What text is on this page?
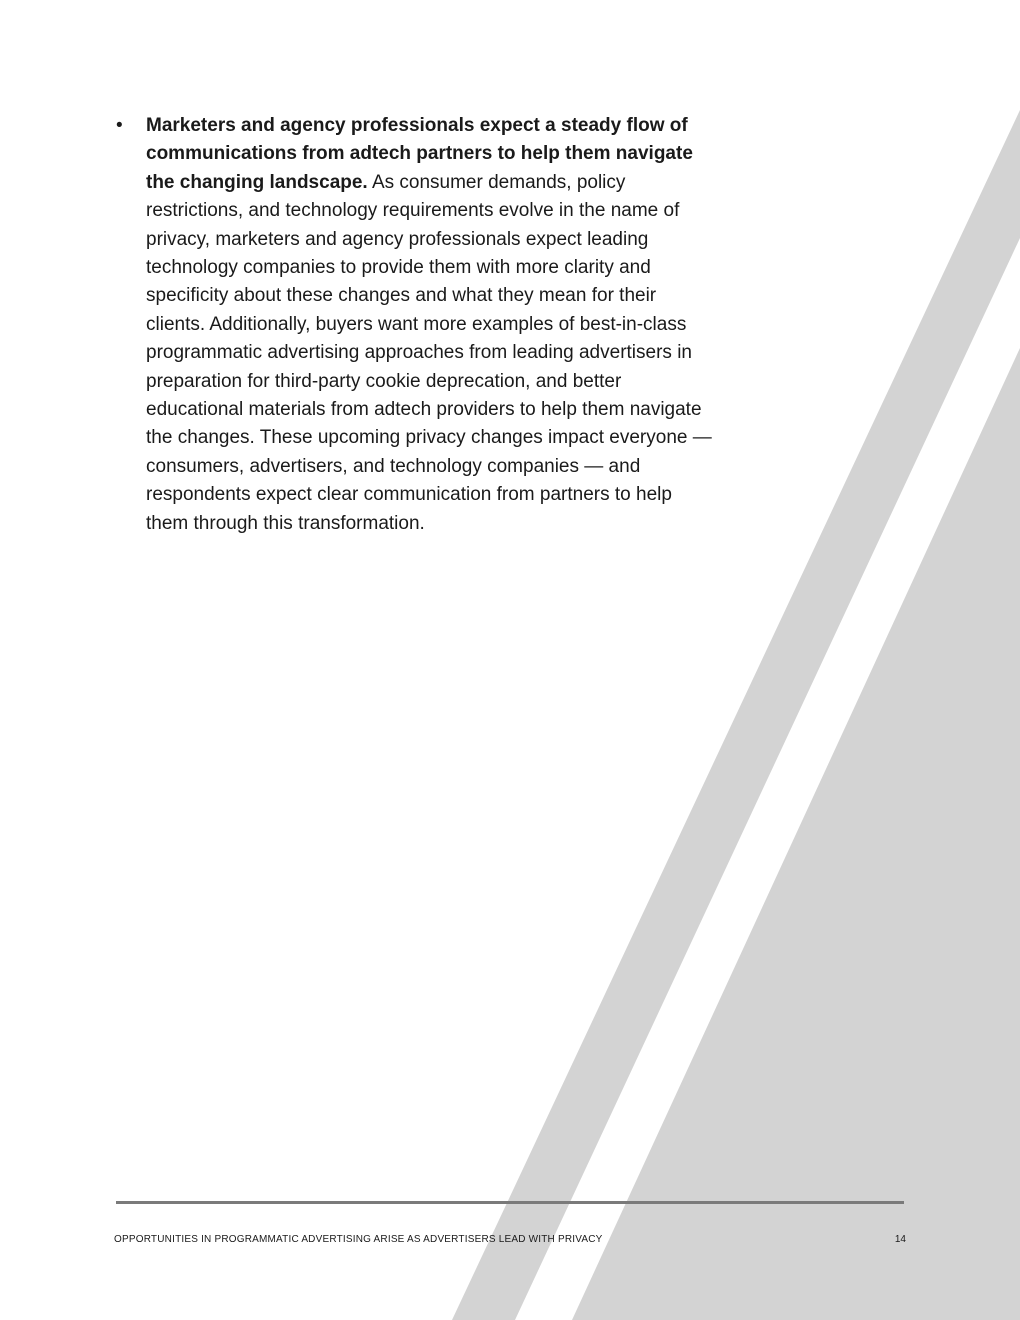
•	Marketers and agency professionals expect a steady flow of communications from adtech partners to help them navigate the changing landscape. As consumer demands, policy restrictions, and technology requirements evolve in the name of privacy, marketers and agency professionals expect leading technology companies to provide them with more clarity and specificity about these changes and what they mean for their clients. Additionally, buyers want more examples of best-in-class programmatic advertising approaches from leading advertisers in preparation for third-party cookie deprecation, and better educational materials from adtech providers to help them navigate the changes. These upcoming privacy changes impact everyone — consumers, advertisers, and technology companies — and respondents expect clear communication from partners to help them through this transformation.

OPPORTUNITIES IN PROGRAMMATIC ADVERTISING ARISE AS ADVERTISERS LEAD WITH PRIVACY	14
